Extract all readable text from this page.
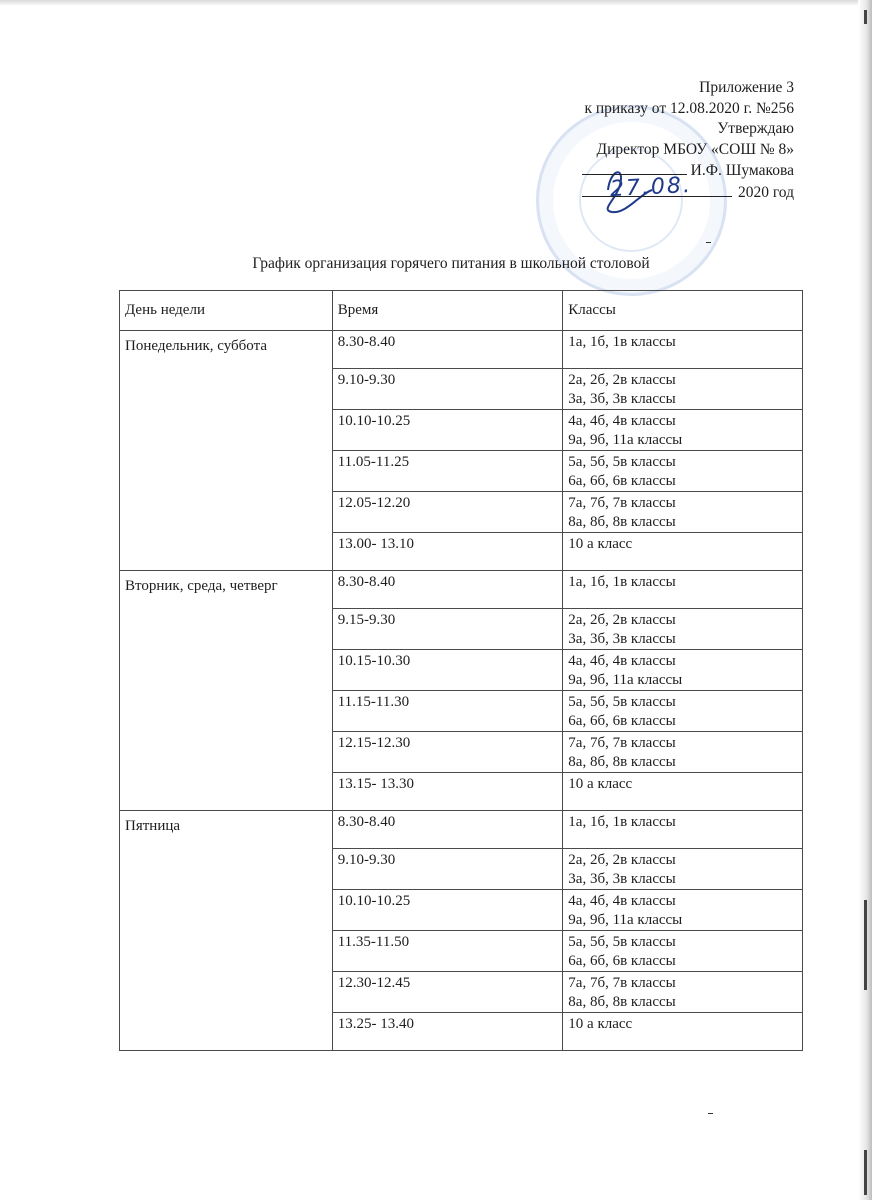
Приложение 3
к приказу от 12.08.2020 г. №256
Утверждаю
Директор МБОУ «СОШ № 8»
И.Ф. Шумакова
27.08.	2020 год
График организация горячего питания в школьной столовой
День недели	Время	Классы
Понедельник, суббота	8.30-8.40	1а, 1б, 1в классы

	9.10-9.30	2а, 2б, 2в классы
3а, 3б, 3в классы

	10.10-10.25	4а, 4б, 4в классы
9а, 9б, 11а классы

	11.05-11.25	5а, 5б, 5в классы
6а, 6б, 6в классы

	12.05-12.20	7а, 7б, 7в классы
8а, 8б, 8в классы

	13.00- 13.10	10 а класс

Вторник, среда, четверг	8.30-8.40	1а, 1б, 1в классы

	9.15-9.30	2а, 2б, 2в классы
3а, 3б, 3в классы

	10.15-10.30	4а, 4б, 4в классы
9а, 9б, 11а классы

	11.15-11.30	5а, 5б, 5в классы
6а, 6б, 6в классы

	12.15-12.30	7а, 7б, 7в классы
8а, 8б, 8в классы

	13.15- 13.30	10 а класс

Пятница	8.30-8.40	1а, 1б, 1в классы

	9.10-9.30	2а, 2б, 2в классы
3а, 3б, 3в классы

	10.10-10.25	4а, 4б, 4в классы
9а, 9б, 11а классы

	11.35-11.50	5а, 5б, 5в классы
6а, 6б, 6в классы

	12.30-12.45	7а, 7б, 7в классы
8а, 8б, 8в классы

	13.25- 13.40	10 а класс
